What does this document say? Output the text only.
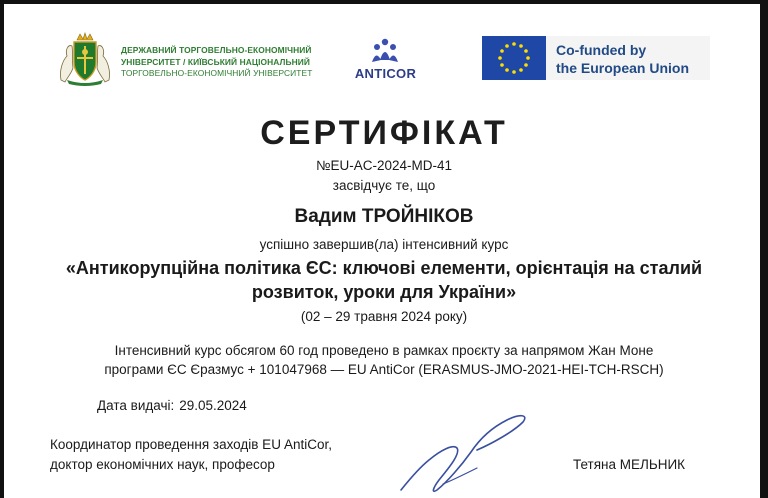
ДЕРЖАВНИЙ ТОРГОВЕЛЬНО-ЕКОНОМІЧНИЙ
УНІВЕРСИТЕТ / КИЇВСЬКИЙ НАЦІОНАЛЬНИЙ
ТОРГОВЕЛЬНО-ЕКОНОМІЧНИЙ УНІВЕРСИТЕТ	ANTICOR
Co-funded by
the European Union
СЕРТИФІКАТ
№EU-AC-2024-MD-41
засвідчує те, що
Вадим ТРОЙНІКОВ
успішно завершив(ла) інтенсивний курс
«Антикорупційна політика ЄС: ключові елементи, орієнтація на сталий
розвиток, уроки для України»
(02 – 29 травня 2024 року)
Інтенсивний курс обсягом 60 год проведено в рамках проєкту за напрямом Жан Моне
програми ЄС Єразмус + 101047968 — EU AntiCor (ERASMUS-JMO-2021-HEI-TCH-RSCH)
Дата видачі: 29.05.2024
Координатор проведення заходів EU AntiCor,
доктор економічних наук, професор	Тетяна МЕЛЬНИК
